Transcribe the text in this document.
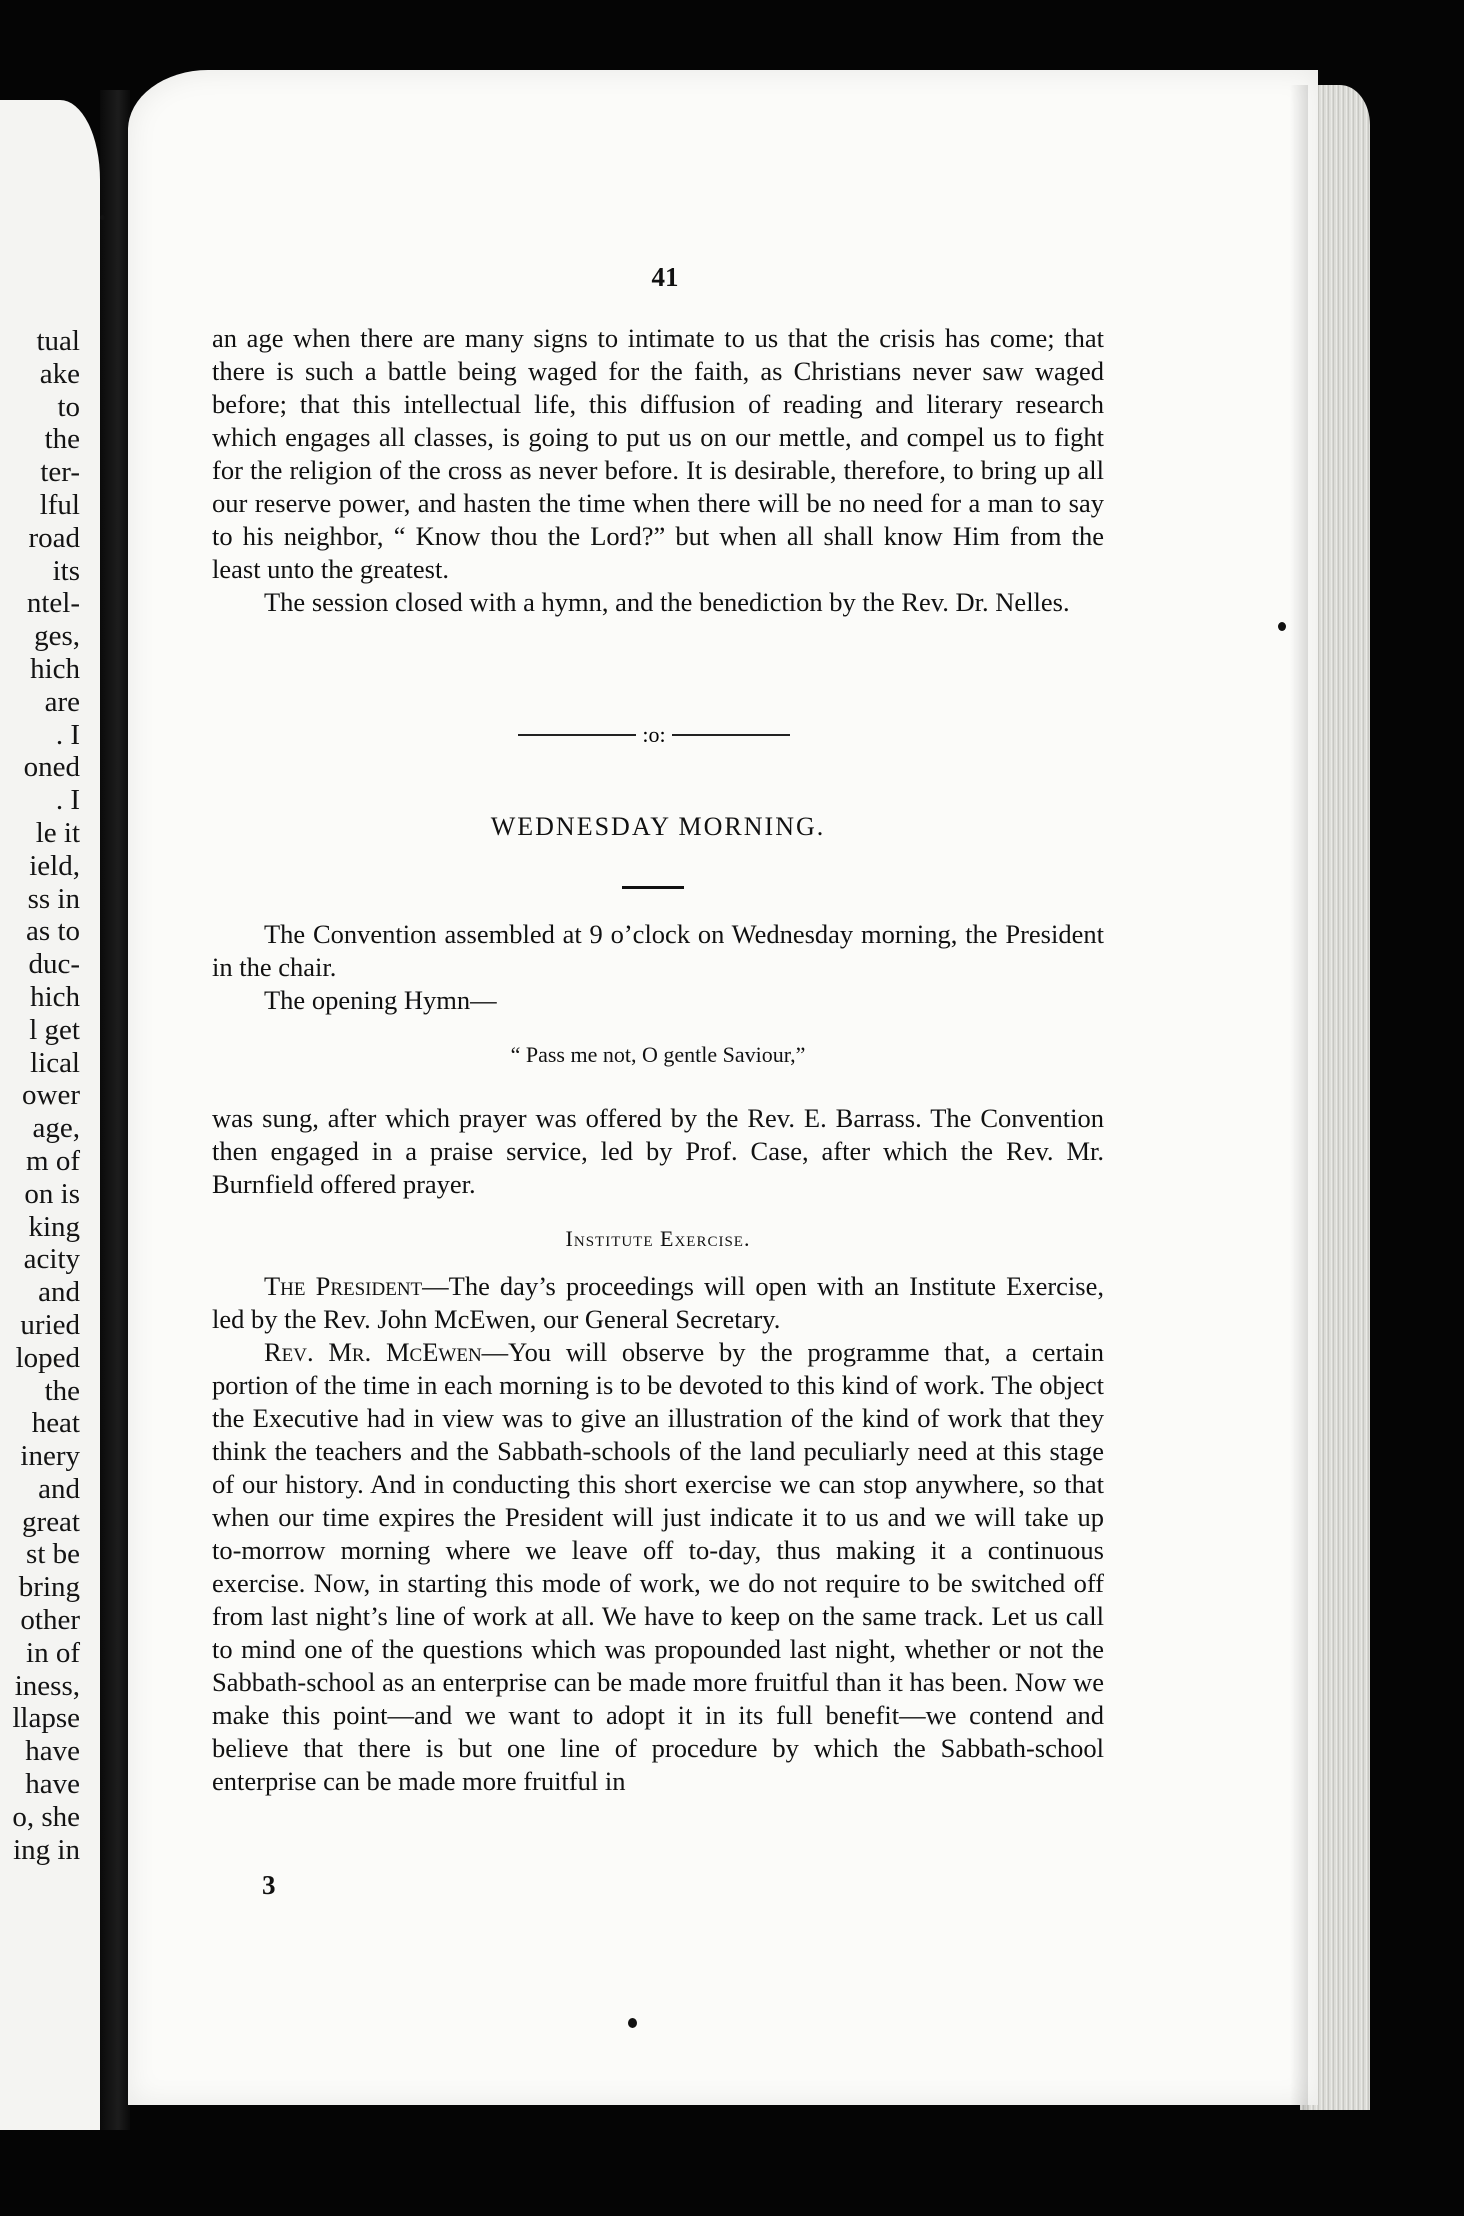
tual
ake
to
the
ter-
lful
road
its
ntel-
ges,
hich
are
. I
oned
. I
le it
ield,
ss in
as to
duc-
hich
l get
lical
ower
age,
m of
on is
king
acity
and
uried
loped
the
heat
inery
and
great
st be
bring
other
in of
iness,
llapse
have
have
o, she
ing in
41
an age when there are many signs to intimate to us that the crisis has come; that there is such a battle being waged for the faith, as Christians never saw waged before; that this intellectual life, this diffusion of reading and literary research which engages all classes, is going to put us on our mettle, and compel us to fight for the religion of the cross as never before. It is desirable, therefore, to bring up all our reserve power, and hasten the time when there will be no need for a man to say to his neighbor, “ Know thou the Lord?” but when all shall know Him from the least unto the greatest.
The session closed with a hymn, and the benediction by the Rev. Dr. Nelles.
:o:
WEDNESDAY MORNING.
The Convention assembled at 9 o’clock on Wednesday morning, the President in the chair.
The opening Hymn—
“ Pass me not, O gentle Saviour,”
was sung, after which prayer was offered by the Rev. E. Barrass. The Convention then engaged in a praise service, led by Prof. Case, after which the Rev. Mr. Burnfield offered prayer.
Institute Exercise.
The President—The day’s proceedings will open with an Institute Exercise, led by the Rev. John McEwen, our General Secretary.
Rev. Mr. McEwen—You will observe by the programme that, a certain portion of the time in each morning is to be devoted to this kind of work. The object the Executive had in view was to give an illustration of the kind of work that they think the teachers and the Sabbath-schools of the land peculiarly need at this stage of our history. And in conducting this short exercise we can stop anywhere, so that when our time expires the President will just indicate it to us and we will take up to-morrow morning where we leave off to-day, thus making it a continuous exercise. Now, in starting this mode of work, we do not require to be switched off from last night’s line of work at all. We have to keep on the same track. Let us call to mind one of the questions which was propounded last night, whether or not the Sabbath-school as an enterprise can be made more fruitful than it has been. Now we make this point—and we want to adopt it in its full benefit—we contend and believe that there is but one line of procedure by which the Sabbath-school enterprise can be made more fruitful in
3
